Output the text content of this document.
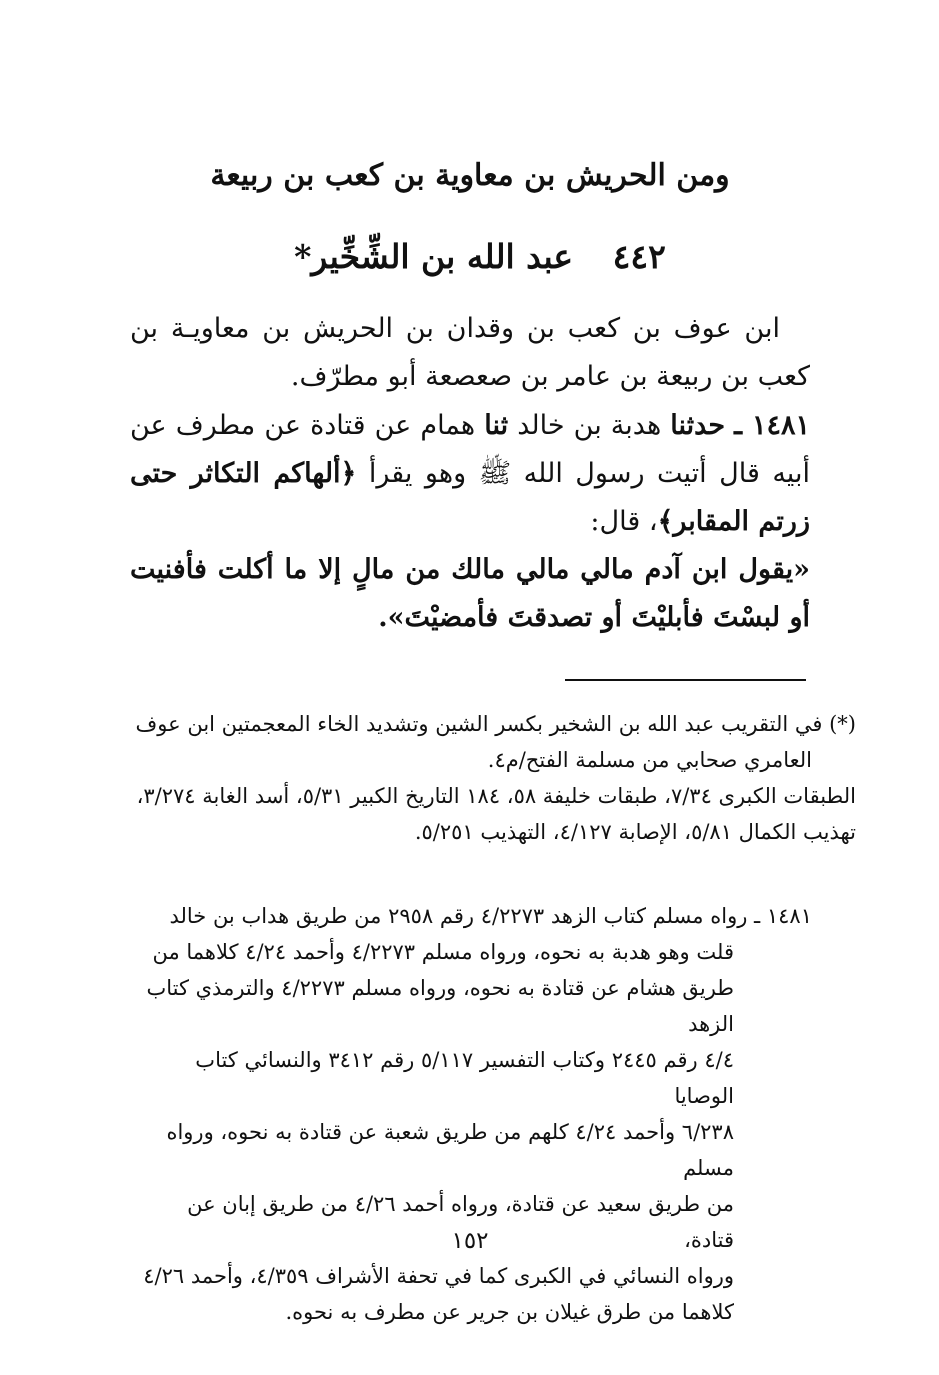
ومن الحريش بن معاوية بن كعب بن ربيعة
٤٤٢ عبد الله بن الشِّخِّير*
ابن عوف بن كعب بن وقدان بن الحريش بن معاويـة بن كعب بن ربيعة بن عامر بن صعصعة أبو مطرّف.
١٤٨١ ـ حدثنا هدبة بن خالد ثنا همام عن قتادة عن مطرف عن أبيه قال أتيت رسول الله ﷺ وهو يقرأ ﴿ألهاكم التكاثر حتى زرتم المقابر﴾، قال:
«يقول ابن آدم مالي مالي مالك من مالٍ إلا ما أكلت فأفنيت أو لبسْتَ فأبليْتَ أو تصدقتَ فأمضيْتَ».
(*) في التقريب عبد الله بن الشخير بكسر الشين وتشديد الخاء المعجمتين ابن عوف العامري صحابي من مسلمة الفتح/م٤.
الطبقات الكبرى ٧/٣٤، طبقات خليفة ٥٨، ١٨٤ التاريخ الكبير ٥/٣١، أسد الغابة ٣/٢٧٤، تهذيب الكمال ٥/٨١، الإصابة ٤/١٢٧، التهذيب ٥/٢٥١.
١٤٨١ ـ رواه مسلم كتاب الزهد ٤/٢٢٧٣ رقم ٢٩٥٨ من طريق هداب بن خالد
قلت وهو هدبة به نحوه، ورواه مسلم ٤/٢٢٧٣ وأحمد ٤/٢٤ كلاهما من
طريق هشام عن قتادة به نحوه، ورواه مسلم ٤/٢٢٧٣ والترمذي كتاب الزهد
٤/٤ رقم ٢٤٤٥ وكتاب التفسير ٥/١١٧ رقم ٣٤١٢ والنسائي كتاب الوصايا
٦/٢٣٨ وأحمد ٤/٢٤ كلهم من طريق شعبة عن قتادة به نحوه، ورواه مسلم
من طريق سعيد عن قتادة، ورواه أحمد ٤/٢٦ من طريق إبان عن قتادة،
ورواه النسائي في الكبرى كما في تحفة الأشراف ٤/٣٥٩، وأحمد ٤/٢٦
كلاهما من طرق غيلان بن جرير عن مطرف به نحوه.
١٥٢
